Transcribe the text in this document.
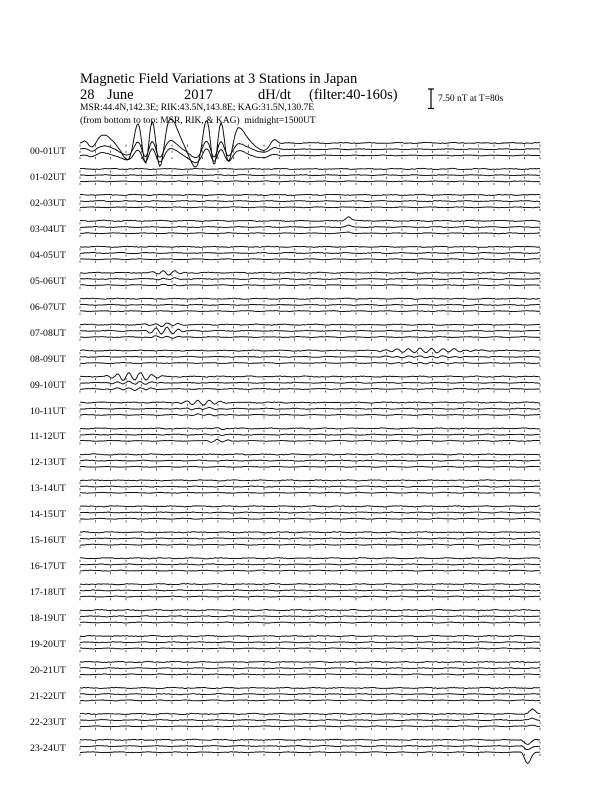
Magnetic Field Variations at 3 Stations in Japan
28 June	2017	dH/dt (filter:40-160s)
MSR:44.4N,142.3E; RIK:43.5N,143.8E; KAG:31.5N,130.7E
(from bottom to top: MSR, RIK, & KAG) midnight=1500UT
7.50 nT at T=80s
00-01UT
01-02UT
02-03UT
03-04UT
04-05UT
05-06UT
06-07UT
07-08UT
08-09UT
09-10UT
10-11UT
11-12UT
12-13UT
13-14UT
14-15UT
15-16UT
16-17UT
17-18UT
18-19UT
19-20UT
20-21UT
21-22UT
22-23UT
23-24UT
